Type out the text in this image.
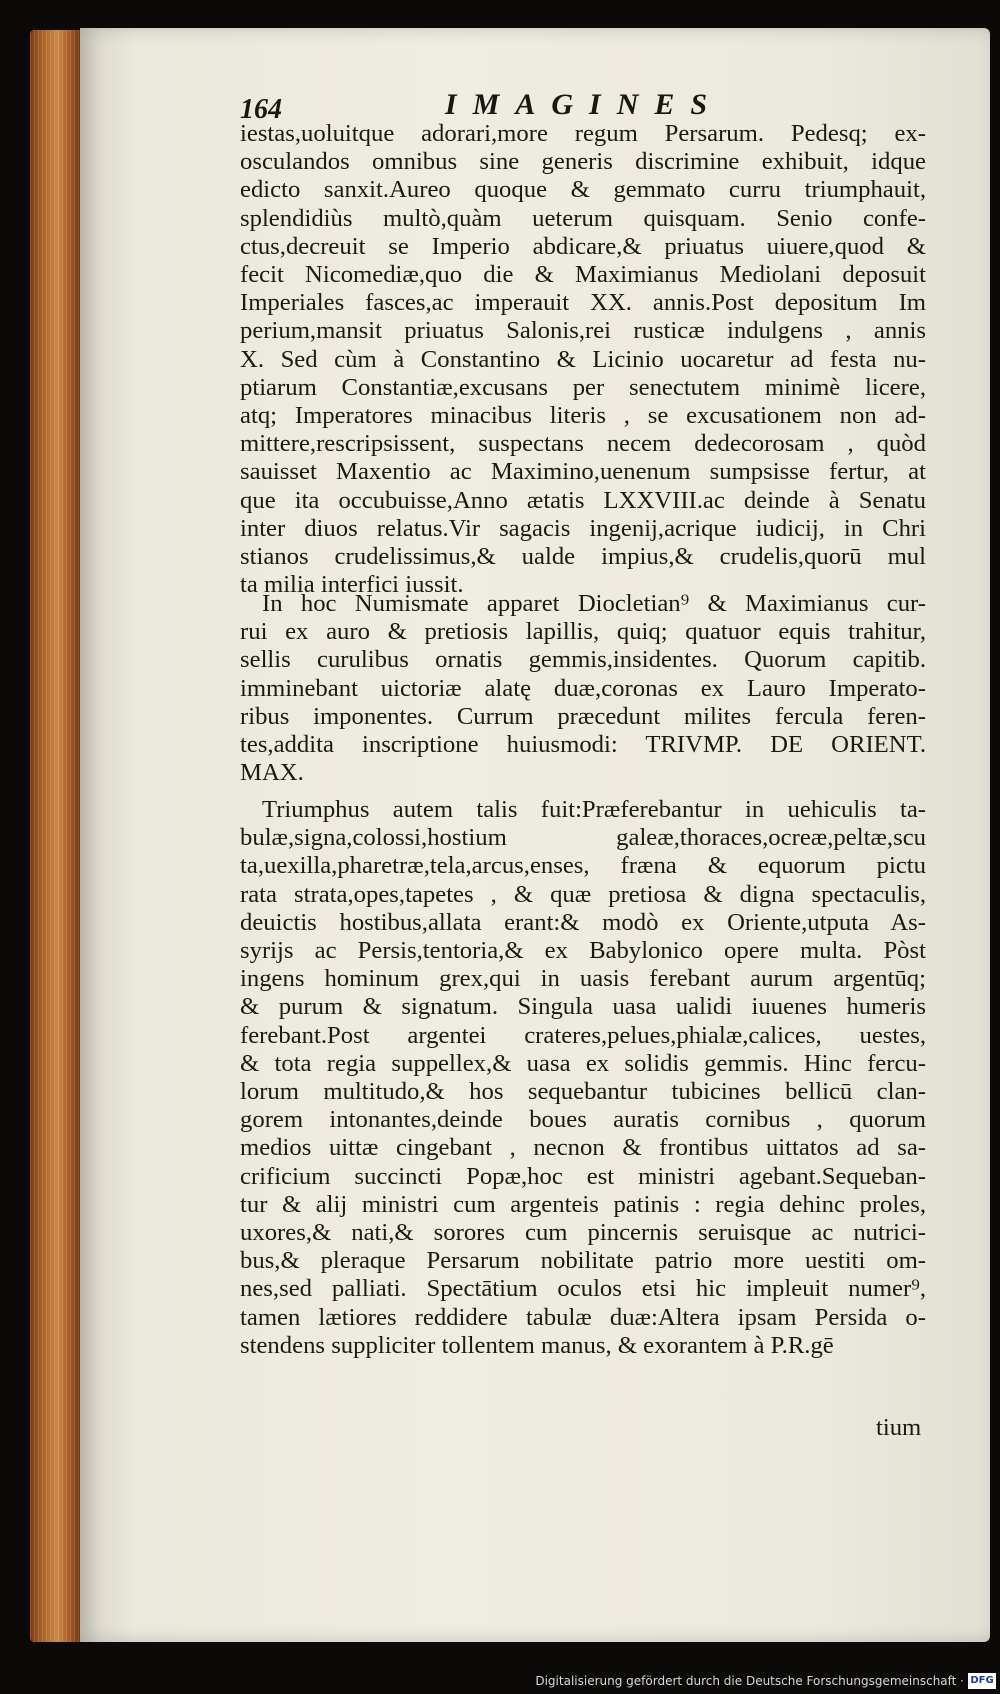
164	IMAGINES
iestas,uoluitque adorari,more regum Persarum. Pedesq; ex-
osculandos omnibus sine generis discrimine exhibuit, idque
edicto sanxit.Aureo quoque & gemmato curru triumphauit,
splendidiùs multò,quàm ueterum quisquam. Senio confe-
ctus,decreuit se Imperio abdicare,& priuatus uiuere,quod &
fecit Nicomediæ,quo die & Maximianus Mediolani deposuit
Imperiales fasces,ac imperauit XX. annis.Post depositum Im
perium,mansit priuatus Salonis,rei rusticæ indulgens , annis
X. Sed cùm à Constantino & Licinio uocaretur ad festa nu-
ptiarum Constantiæ,excusans per senectutem minimè licere,
atq; Imperatores minacibus literis , se excusationem non ad-
mittere,rescripsissent, suspectans necem dedecorosam , quòd
sauisset Maxentio ac Maximino,uenenum sumpsisse fertur, at
que ita occubuisse,Anno ætatis LXXVIII.ac deinde à Senatu
inter diuos relatus.Vir sagacis ingenij,acrique iudicij, in Chri
stianos crudelissimus,& ualde impius,& crudelis,quorū mul
ta milia interfici iussit.
In hoc Numismate apparet Diocletian⁹ & Maximianus cur-
rui ex auro & pretiosis lapillis, quiq; quatuor equis trahitur,
sellis curulibus ornatis gemmis,insidentes. Quorum capitib.
imminebant uictoriæ alatę duæ,coronas ex Lauro Imperato-
ribus imponentes. Currum præcedunt milites fercula feren-
tes,addita inscriptione huiusmodi: TRIVMP. DE ORIENT.
MAX.
Triumphus autem talis fuit:Præferebantur in uehiculis ta-
bulæ,signa,colossi,hostium galeæ,thoraces,ocreæ,peltæ,scu
ta,uexilla,pharetræ,tela,arcus,enses, fræna & equorum pictu
rata strata,opes,tapetes , & quæ pretiosa & digna spectaculis,
deuictis hostibus,allata erant:& modò ex Oriente,utputa As-
syrijs ac Persis,tentoria,& ex Babylonico opere multa. Pòst
ingens hominum grex,qui in uasis ferebant aurum argentūq;
& purum & signatum. Singula uasa ualidi iuuenes humeris
ferebant.Post argentei crateres,pelues,phialæ,calices, uestes,
& tota regia suppellex,& uasa ex solidis gemmis. Hinc fercu-
lorum multitudo,& hos sequebantur tubicines bellicū clan-
gorem intonantes,deinde boues auratis cornibus , quorum
medios uittæ cingebant , necnon & frontibus uittatos ad sa-
crificium succincti Popæ,hoc est ministri agebant.Sequeban-
tur & alij ministri cum argenteis patinis : regia dehinc proles,
uxores,& nati,& sorores cum pincernis seruisque ac nutrici-
bus,& pleraque Persarum nobilitate patrio more uestiti om-
nes,sed palliati. Spectātium oculos etsi hic impleuit numer⁹,
tamen lætiores reddidere tabulæ duæ:Altera ipsam Persida o-
stendens suppliciter tollentem manus, & exorantem à P.R.gē
tium
Digitalisierung gefördert durch die Deutsche Forschungsgemeinschaft · DFG
